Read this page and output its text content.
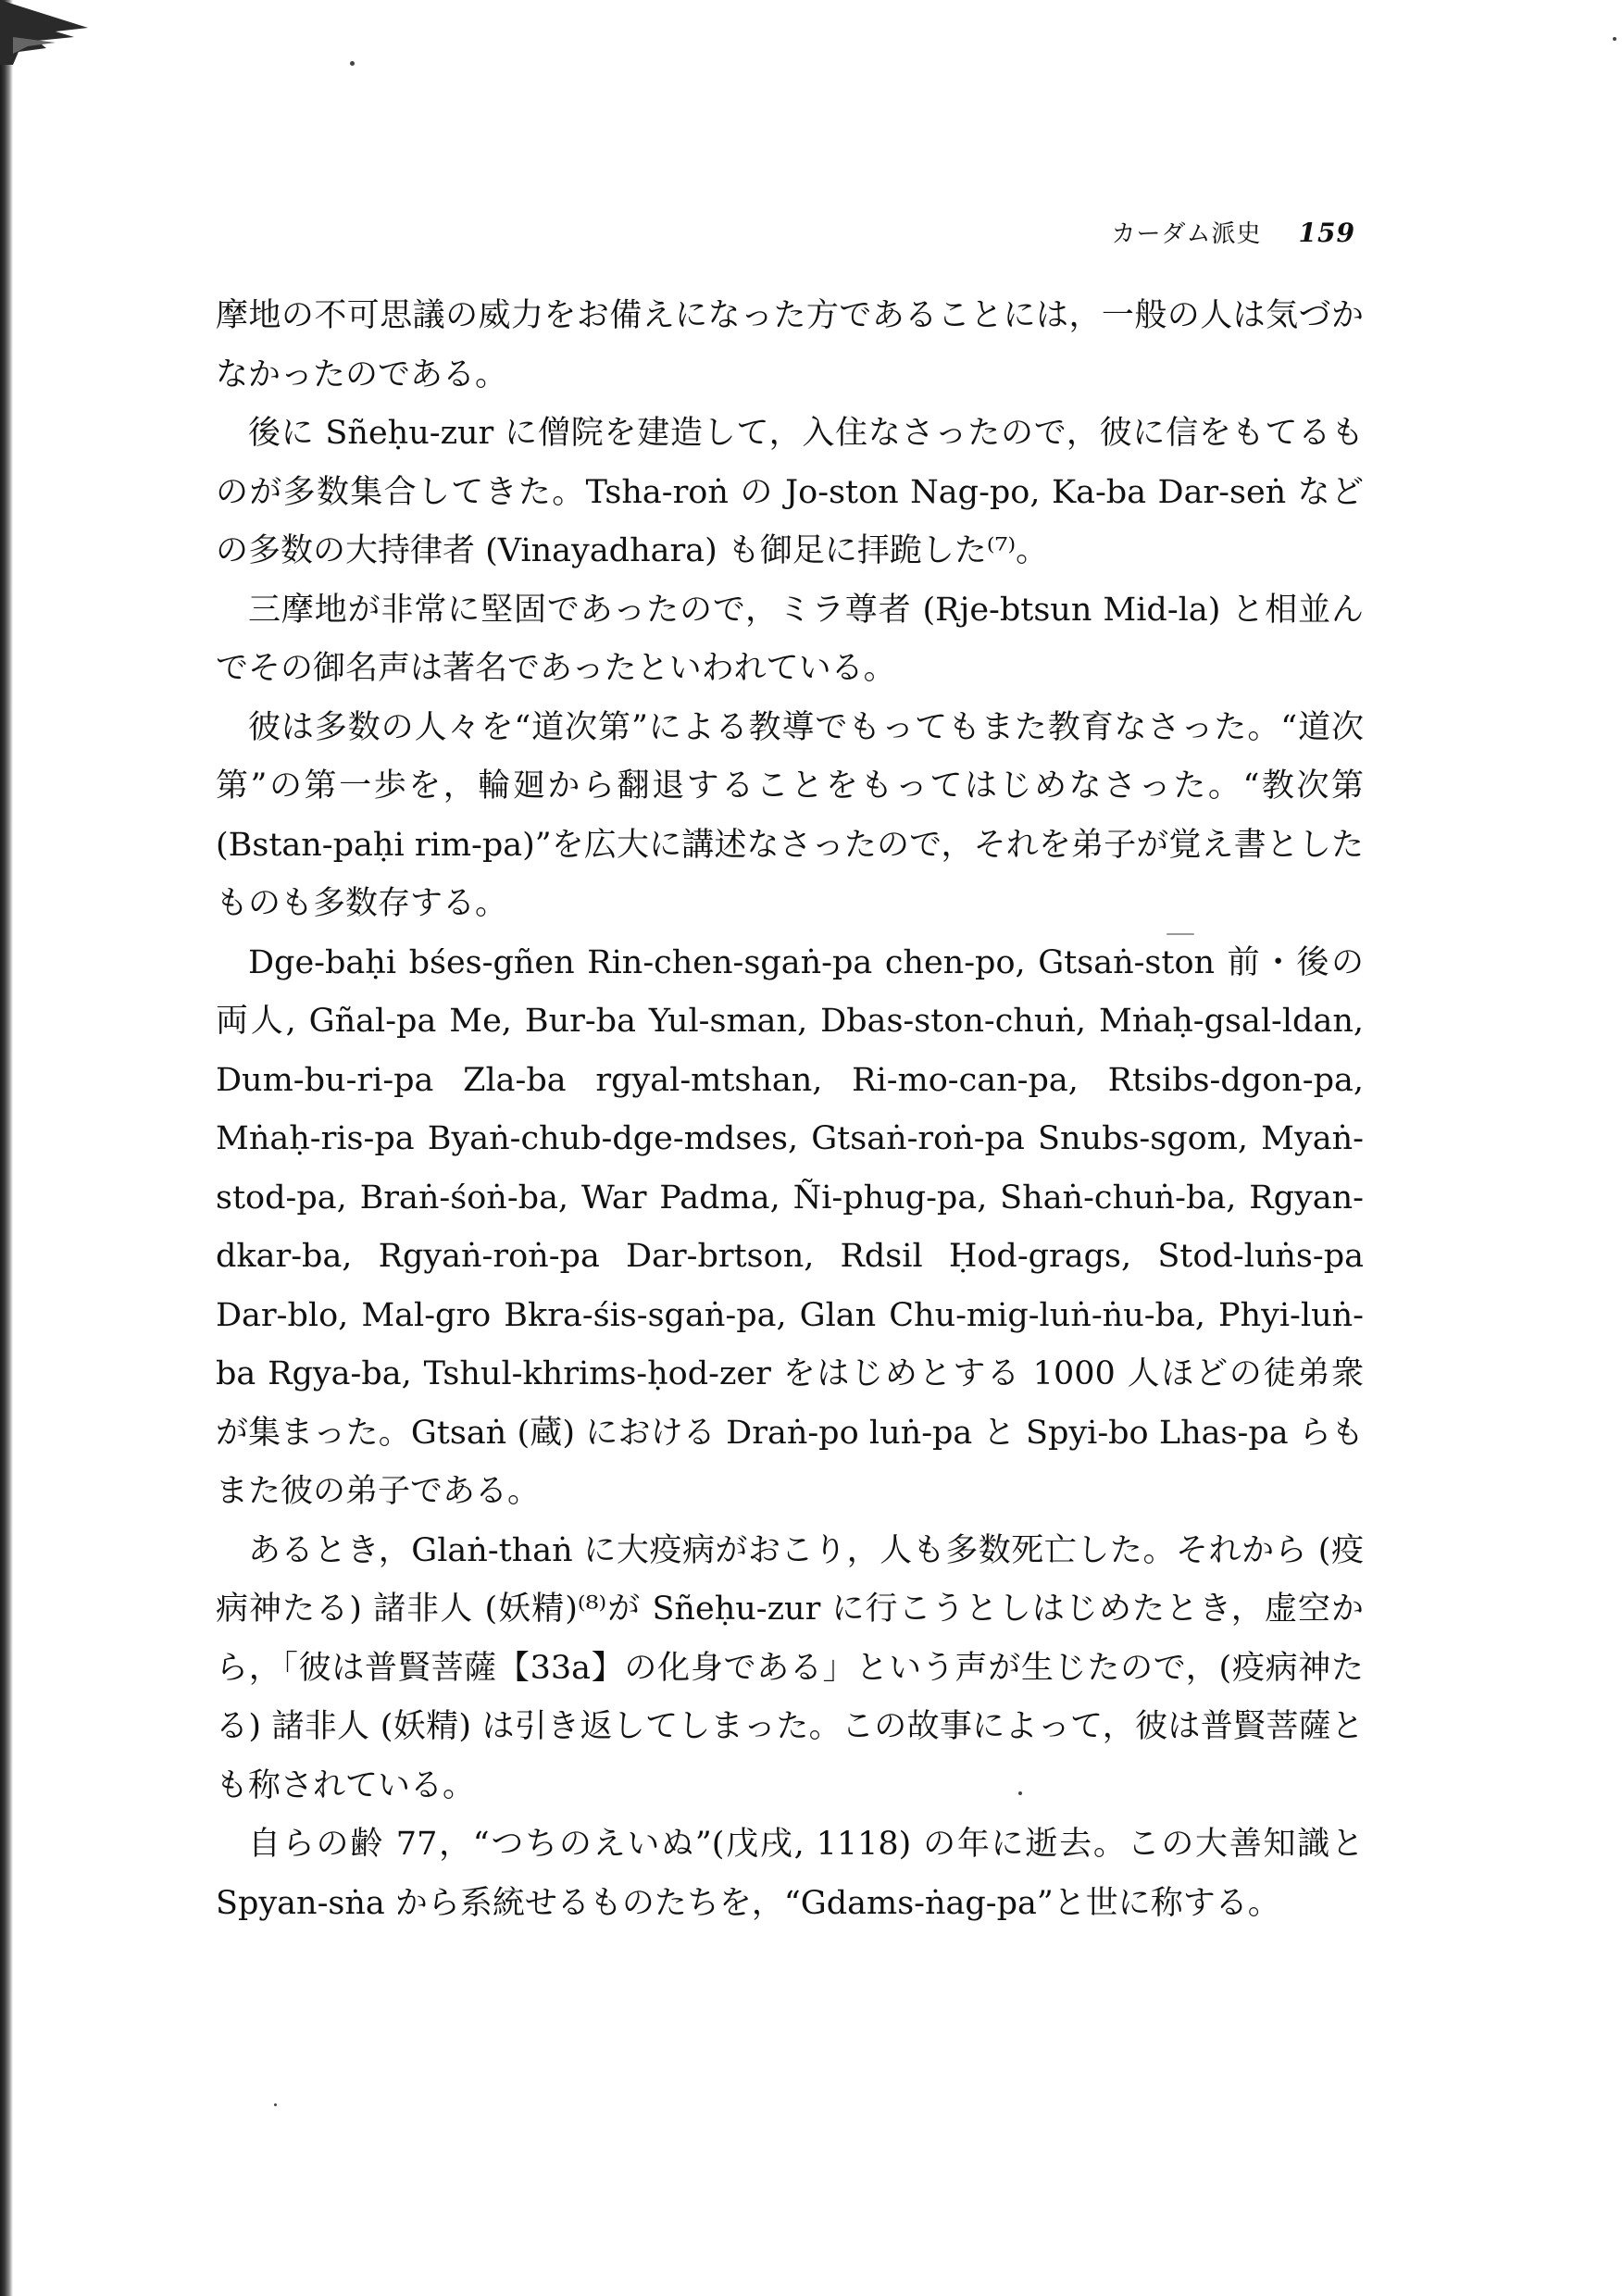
カーダム派史 159

摩地の不可思議の威力をお備えになった方であることには，一般の人は気づかなかったのである。

後に Sñeḥu-zur に僧院を建造して，入住なさったので，彼に信をもてるものが多数集合してきた。Tsha-roṅ の Jo-ston Nag-po, Ka-ba Dar-seṅ などの多数の大持律者 (Vinayadhara) も御足に拝跪した⁽⁷⁾。

三摩地が非常に堅固であったので，ミラ尊者 (Rje-btsun Mid-la) と相並んでその御名声は著名であったといわれている。

彼は多数の人々を“道次第”による教導でもってもまた教育なさった。“道次第”の第一歩を，輪廻から翻退することをもってはじめなさった。“教次第 (Bstan-paḥi rim-pa)”を広大に講述なさったので，それを弟子が覚え書としたものも多数存する。

Dge-baḥi bśes-gñen Rin-chen-sgaṅ-pa chen-po, Gtsaṅ-ston 前・後の両人, Gñal-pa Me, Bur-ba Yul-sman, Dbas-ston-chuṅ, Mṅaḥ-gsal-ldan, Dum-bu-ri-pa Zla-ba rgyal-mtshan, Ri-mo-can-pa, Rtsibs-dgon-pa, Mṅaḥ-ris-pa Byaṅ-chub-dge-mdses, Gtsaṅ-roṅ-pa Snubs-sgom, Myaṅ-stod-pa, Braṅ-śoṅ-ba, War Padma, Ñi-phug-pa, Shaṅ-chuṅ-ba, Rgyan-dkar-ba, Rgyaṅ-roṅ-pa Dar-brtson, Rdsil Ḥod-grags, Stod-luṅs-pa Dar-blo, Mal-gro Bkra-śis-sgaṅ-pa, Glan Chu-mig-luṅ-ṅu-ba, Phyi-luṅ-ba Rgya-ba, Tshul-khrims-ḥod-zer をはじめとする 1000 人ほどの徒弟衆が集まった。Gtsaṅ (蔵) における Draṅ-po luṅ-pa と Spyi-bo Lhas-pa らもまた彼の弟子である。

あるとき，Glaṅ-thaṅ に大疫病がおこり，人も多数死亡した。それから (疫病神たる) 諸非人 (妖精)⁽⁸⁾が Sñeḥu-zur に行こうとしはじめたとき，虚空から，「彼は普賢菩薩【33a】の化身である」という声が生じたので，(疫病神たる) 諸非人 (妖精) は引き返してしまった。この故事によって，彼は普賢菩薩とも称されている。

自らの齢 77，“つちのえいぬ”(戊戌, 1118) の年に逝去。この大善知識と Spyan-sṅa から系統せるものたちを，“Gdams-ṅag-pa”と世に称する。
